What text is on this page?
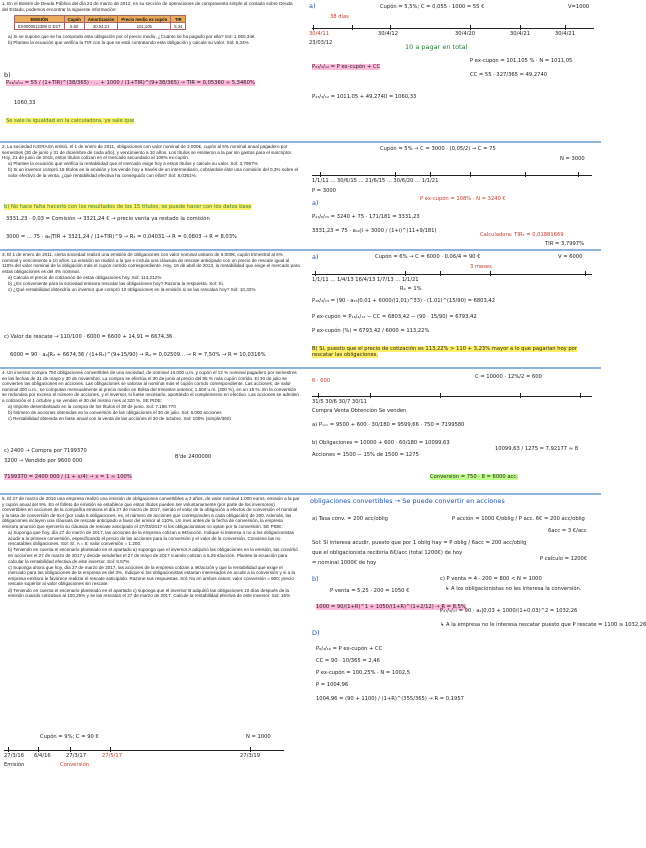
1. En el Boletín de Deuda Pública del día 23 de marzo de 2012, en su sección de operaciones de compraventa simple al contado sobre Deuda del Estado, podemos encontrar la siguiente información:

EMISIÓN	Cupón	Amortización	Precio medio ex cupón	TIR
ES0000012389 O EST	5.50	30.04.21	101,105	5,34

a) Si se supone que se ha comprado esta obligación por el precio medio, ¿Cuánto se ha pagado por ella? Sol: 1.060,34€

b) Plantee la ecuación que verifica la TIR con la que se está contratando esta obligación y calcule su valor. Sol: 5,34%

b)
P₂₃/₃/₁₂ = 55 / (1+TIR)^(38/365) · ... + 1000 / (1+TIR)^(9+38/365) → TIR = 0,05360 ≈ 5,3460%
1060,33
Se sale la igualdad en la calculadora, ya sale que
a)	Cupón = 5,5%; C = 0,055 · 1000 = 55 €	V=1000
30/4/11
23/03/12
30/4/12	30/4/20	30/4/21	30/4/21
38 días
10 a pagar en total
P₂₃/₃/₁₂ = P ex-cupón + CC
P ex-cupón = 101,105 % · N = 1011,05
CC = 55 · 327/365 = 49,2740
P₂₃/₃/₁₂ = 1011,05 + 49,2740 = 1060,33

2. La sociedad IUGRASA emitió, el 1 de enero de 2011, obligaciones con valor nominal de 3.000€, cupón al 5% nominal anual pagadero por semestres (30 de junio y 31 de diciembre de cada año), y vencimiento a 10 años. Los títulos se emitieron a la par sin gastos para el suscriptor. Hoy, 21 de junio de 2015, estos títulos cotizan en el mercado secundario al 108% ex-cupón.

a) Plantee la ecuación que verifica la rentabilidad que el mercado exige hoy a estos títulos y calcule su valor. Sol: 3,7997%

b) Si un inversor compró 15 títulos en la emisión y los vende hoy a través de un intermediario, cobrándole éste una comisión del 0,3% sobre el valor efectivo de la venta, ¿qué rentabilidad efectiva ha conseguido con ellos? Sol: 8,0361%.

b) No hace falta hacerlo con los resultados de los 15 títulos, se puede hacer con los datos base
3331,23 · 0,03 = Comisión → 3321,24 € → precio venta ya restado la comisión
3000 = ... 75 · a₉|TIR + 3321,24 / (1+TIR)^9 → R₂ = 0,04031 → R = 0,0803 → R = 8,03%
Cupón = 5% → C = 3000 · (0,05/2) → C = 75
N = 3000
1/1/11 ... 30/6/15 ... 21/6/15 ... 30/6/20 ... 1/1/21
P = 3000
P ex-cupón = 108% · N = 3240 €
a)
P₂₁/₆/₁₅ = 3240 + 75 · 171/181 = 3331,23
3331,23 = 75 · a₁₂|i + 3000 / (1+i)^(11+9/181)
Calculadora: TIR₂ = 0,01881669
TIR = 3,7997%

3. El 1 de enero de 2011, cierta sociedad realizó una emisión de obligaciones con valor nominal unitario de 6.000€, cupón trimestral al 6% nominal y vencimiento a 10 años. La emisión se realizó a la par e incluía una cláusula de rescate anticipado con un precio de rescate igual al 110% del valor nominal de la obligación más el cupón corrido correspondiente. Hoy, 16 de abril de 2013, la rentabilidad que exige el mercado para estas obligaciones es del 4% nominal.

a) Calcula el precio de cotización de estas obligaciones hoy. Sol: 113,212%

b) ¿Es conveniente para la sociedad emisora rescatar las obligaciones hoy? Razona la respuesta. Sol: Sí.

c) ¿Qué rentabilidad obtendría un inversor que compró 10 obligaciones en la emisión si se las rescatan hoy? Sol: 10,32%

c) Valor de rescate → 110/100 · 6000 = 6600 + 14,91 = 6674,36
6000 = 90 · a₉|R₄ + 6674,36 / (1+R₄)^(9+15/90) → R₄ = 0,02509... → R = 7,50% → R = 10,0316%
a)	Cupón = 6% → C = 6000 · 0,06/4 = 90 €	V = 6000
3 meses
1/1/11 ... 1/4/13 16/4/13 1/7/13 ... 1/1/21
R₄ = 1%
P₁₆/₄/₁₃ = (90 · a₃₃|0,01 + 6000/(1,01)^33) · (1,01)^(15/90) = 6803,42
P ex-cupón = P₁₆/₄/₁₃ − CC = 6803,42 − (90 · 15/90) = 6793,42
P ex-cupón (%) = 6793,42 / 6000 = 113,22%
B) Sí, puesto que el precio de cotización es 113,22% > 110 + 3,23% mayor a lo que pagarían hoy por rescatar las obligaciones.

4. Un inversor compra 750 obligaciones convertibles de una sociedad, de nominal 10.000 u.m. y cupón el 12 % nominal pagadero por semestres en las fechas de 31 de mayo y 30 de noviembre. La compra se efectúa el 30 de junio al precio del 95 % más cupón corrido. El 30 de julio se convierten las obligaciones en acciones. Las obligaciones se valoran al nominal más el cupón corrido correspondiente. Las acciones, de valor nominal 300 u.m., se computan mensualmente al precio medio en Bolsa del trimestre anterior, 1.500 u.m. (300 %), en un 15 %. En la conversión se redondea por exceso el número de acciones, y el inversor, si fuese necesario, aportando el complemento en efectivo. Las acciones se admiten a cotización el 1 octubre y se venden el 30 del mismo mes al 320 %. SE PIDE:

a) Importe desembolsado en la compra de los títulos el 30 de junio. Sol: 7.198.770

b) Número de acciones obtenidas en la conversión de las obligaciones el 30 de julio. Sol: 6.000 acciones

c) Rentabilidad obtenida en base anual con la venta de las acciones el 30 de octubre. Sol: 100% (simple/360)

c) 2400 → Compra por 7199370
3200 → Vendido por 9600 000
B'de 2400000
7199370 = 2400 000 / (1 + x/4) → x = 1 ≈ 100%
C = 10000 · 12%/2 = 600
6 · 600
31/5 30/6 30/7 30/11
Compra Venta Obtención Se venden
a) Pₘᵢₙ = 9500 + 600 · 30/180 = 9599,66 · 750 = 7199580
b) Obligaciones = 10000 + 600 · 60/180 = 10099,63
Acciones = 1500 − 15% de 1500 = 1275
10099,63 / 1275 = 7,92177 ≈ 8
Conversión = 750 · 8 = 6000 acc.

5. El 27 de marzo de 2016 una empresa realizó una emisión de obligaciones convertibles a 3 años, de valor nominal 1.000 euros, emisión a la par y cupón anual del 9%. En el folleto de emisión se establece que estos títulos pueden ser voluntariamente (por parte de los inversores) convertibles en acciones de la compañía emisora el día 27 de marzo de 2017, siendo el valor de la obligación a efectos de conversión el nominal y la tasa de conversión de 6x4 (por cada 6 obligaciones, es, el número de acciones que corresponden a cada obligación) de 200. Además, las obligaciones incluyen una cláusula de rescate anticipado a favor del emisor al 110%. Un mes antes de la fecha de conversión, la empresa emisora anunció que ejercería su cláusula de rescate anticipado el 27/03/2017 si los obligacionistas no optan por la conversión. SE PIDE:

a) Suponga que hoy, día 27 de marzo de 2017, las acciones de la empresa cotizan a 6€/acción. Indique si interesa o no a los obligacionistas acudir a la primera conversión, especificando el precio de las acciones para la conversión y el valor de la conversión. Conviene las no rescatables obligaciones. Sol: Sí: A = 5; valor conversión = 1.200.

b) Teniendo en cuenta el escenario planteado en el apartado a) suponga que el inversor A adquirió las obligaciones en la emisión, las convirtió en acciones el 27 de marzo de 2017 y decide venderlas el 27 de mayo de 2017 cuando cotizan a 5,25 €/acción. Plantee la ecuación para calcular la rentabilidad efectiva de este inversor. Sol: 8,57%

c) Suponga ahora que hoy, día 27 de marzo de 2017, las acciones de la empresa cotizan a 4€/acción y que la rentabilidad que exige el mercado para las obligaciones de la empresa es del 3%. Indique si los obligacionistas estarían interesados en acudir a la conversión y si a la empresa emisora le favorece realizar el rescate anticipado. Razone sus respuestas. Sol: No en ambos casos; valor conversión = 800; precio rescate superior al valor obligaciones sin rescate.

d) Teniendo en cuenta el escenario planteado en el apartado c) suponga que el inversor B adquirió las obligaciones 10 días después de la emisión cuando cotizaban al 100,25% y se las rescatan el 27 de marzo de 2017. Calcule la rentabilidad efectiva de este inversor. Sol: 15%

Cupón = 9%; C = 90 €	N = 1000
27/3/16 6/4/16	27/3/17	27/5/17	27/3/19
Emisión	Conversión
obligaciones convertibles → Se puede convertir en acciones
a) Tasa conv. = 200 acc/oblig	P acción = 1000 €/oblig / P acc. 6€ = 200 acc/oblig
6acc = 3 €/acc
Sol: Sí interesa acudir, puesto que por 1 oblig hay = P oblig / 6acc = 200 acc/oblig
que el obligacionista recibiría 6€/acc (total 1200€) de hoy
= nominal 1000€ de hoy
P calculo = 1200€
b)
P venta = 5,25 · 200 = 1050 €
1000 = 90/(1+R)^1 + 1050/(1+R)^(1+2/12) → R = 8,5%
c) P venta = 4 · 200 = 800 < N = 1000
↳ A los obligacionistas no les interesa la conversión.
P₂₇/₃/₁₇ = 90 · a₂|0,03 + 1000/(1+0,03)^2 = 1032,26
↳ A la empresa no le interesa rescatar puesto que P rescate = 1100 ≥ 1032,26
D)
P₆/₄/₁₆ = P ex-cupón + CC
CC = 90 · 10/365 = 2,46
P ex-cupón = 100,25% · N = 1002,5
P = 1004,96
1004,96 = (90 + 1100) / (1+R)^(355/365) → R = 0,1957
